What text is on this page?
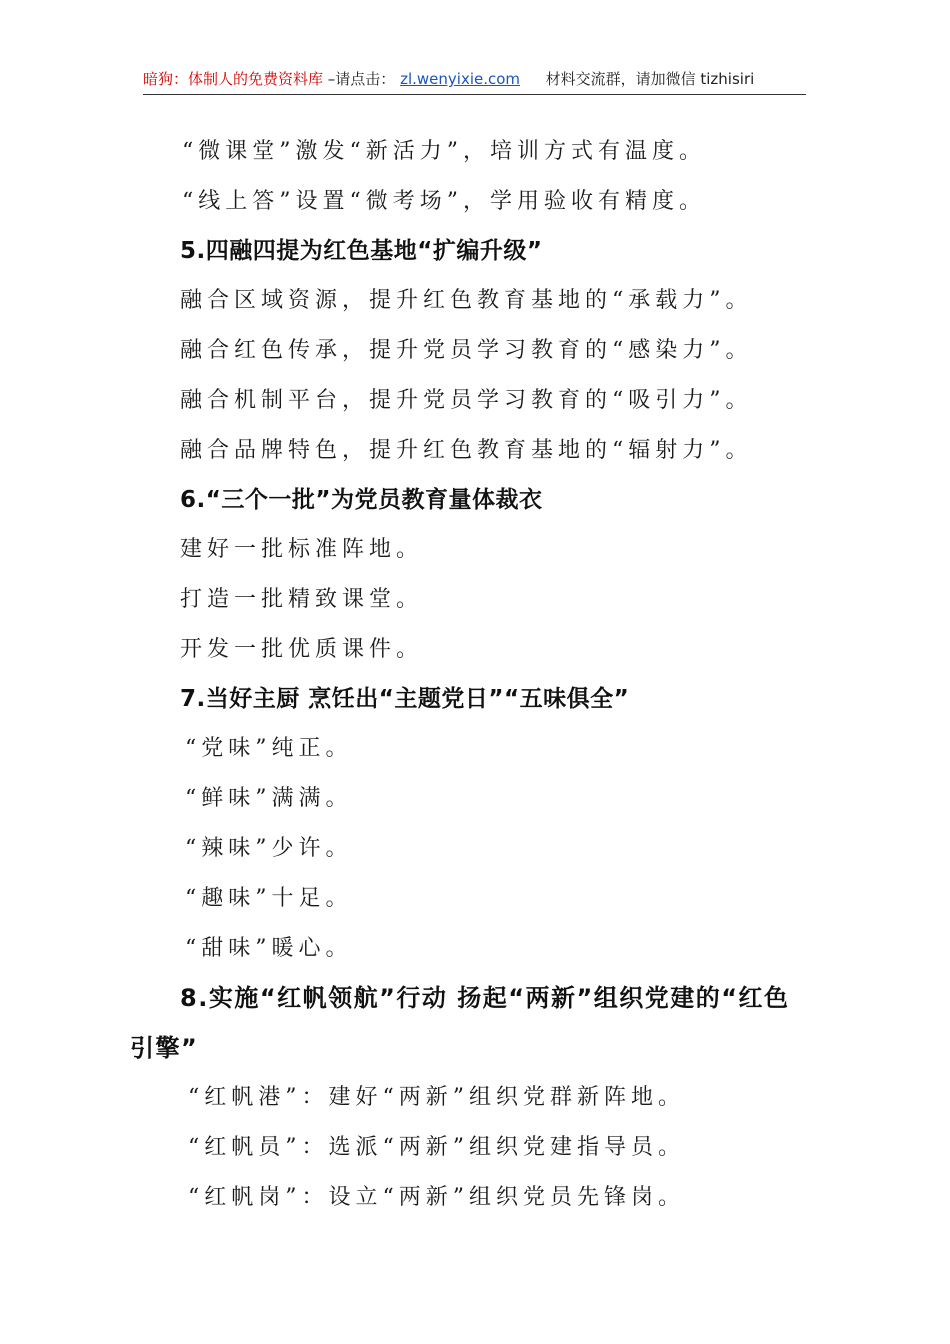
暗狗：体制人的免费资料库 –请点击： zl.wenyixie.com 材料交流群，请加微信 tizhisiri
“微课堂”激发“新活力”，培训方式有温度。
“线上答”设置“微考场”，学用验收有精度。
5.四融四提为红色基地“扩编升级”
融合区域资源，提升红色教育基地的“承载力”。
融合红色传承，提升党员学习教育的“感染力”。
融合机制平台，提升党员学习教育的“吸引力”。
融合品牌特色，提升红色教育基地的“辐射力”。
6.“三个一批”为党员教育量体裁衣
建好一批标准阵地。
打造一批精致课堂。
开发一批优质课件。
7.当好主厨 烹饪出“主题党日”“五味俱全”
“党味”纯正。
“鲜味”满满。
“辣味”少许。
“趣味”十足。
“甜味”暖心。
8.实施“红帆领航”行动 扬起“两新”组织党建的“红色
引擎”
“红帆港”：建好“两新”组织党群新阵地。
“红帆员”：选派“两新”组织党建指导员。
“红帆岗”：设立“两新”组织党员先锋岗。
